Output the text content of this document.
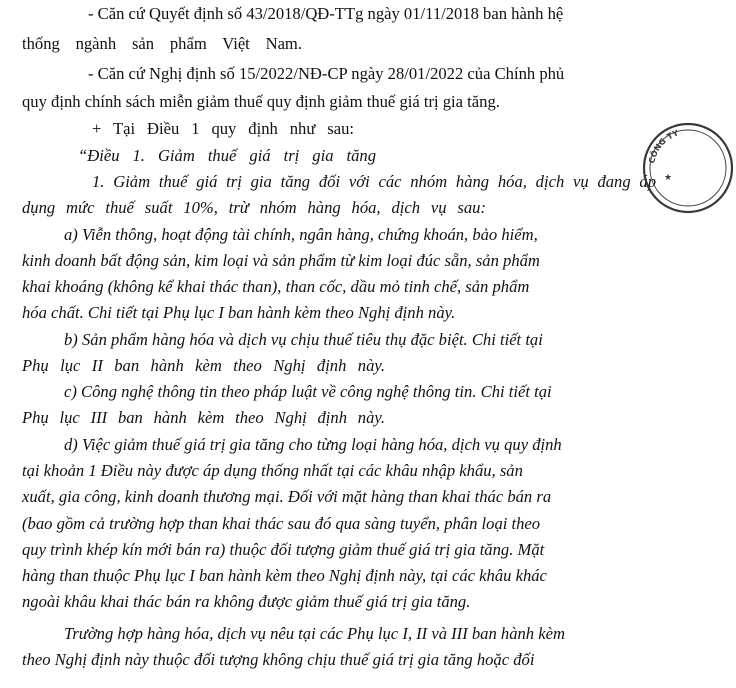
- Căn cứ Quyết định số 43/2018/QĐ-TTg ngày 01/11/2018 ban hành hệ
thống ngành sản phẩm Việt Nam.
- Căn cứ Nghị định số 15/2022/NĐ-CP ngày 28/01/2022 của Chính phủ
quy định chính sách miễn giảm thuế quy định giảm thuế giá trị gia tăng.
+ Tại Điều 1 quy định như sau:
“Điều 1. Giảm thuế giá trị gia tăng
1. Giảm thuế giá trị gia tăng đối với các nhóm hàng hóa, dịch vụ đang áp
dụng mức thuế suất 10%, trừ nhóm hàng hóa, dịch vụ sau:
a) Viễn thông, hoạt động tài chính, ngân hàng, chứng khoán, bảo hiểm,
kinh doanh bất động sản, kim loại và sản phẩm từ kim loại đúc sẵn, sản phẩm
khai khoáng (không kể khai thác than), than cốc, dầu mỏ tinh chế, sản phẩm
hóa chất. Chi tiết tại Phụ lục I ban hành kèm theo Nghị định này.
b) Sản phẩm hàng hóa và dịch vụ chịu thuế tiêu thụ đặc biệt. Chi tiết tại
Phụ lục II ban hành kèm theo Nghị định này.
c) Công nghệ thông tin theo pháp luật về công nghệ thông tin. Chi tiết tại
Phụ lục III ban hành kèm theo Nghị định này.
d) Việc giảm thuế giá trị gia tăng cho từng loại hàng hóa, dịch vụ quy định
tại khoản 1 Điều này được áp dụng thống nhất tại các khâu nhập khẩu, sản
xuất, gia công, kinh doanh thương mại. Đối với mặt hàng than khai thác bán ra
(bao gồm cả trường hợp than khai thác sau đó qua sàng tuyển, phân loại theo
quy trình khép kín mới bán ra) thuộc đối tượng giảm thuế giá trị gia tăng. Mặt
hàng than thuộc Phụ lục I ban hành kèm theo Nghị định này, tại các khâu khác
ngoài khâu khai thác bán ra không được giảm thuế giá trị gia tăng.
Trường hợp hàng hóa, dịch vụ nêu tại các Phụ lục I, II và III ban hành kèm
theo Nghị định này thuộc đối tượng không chịu thuế giá trị gia tăng hoặc đối
CÔNG TY
★
